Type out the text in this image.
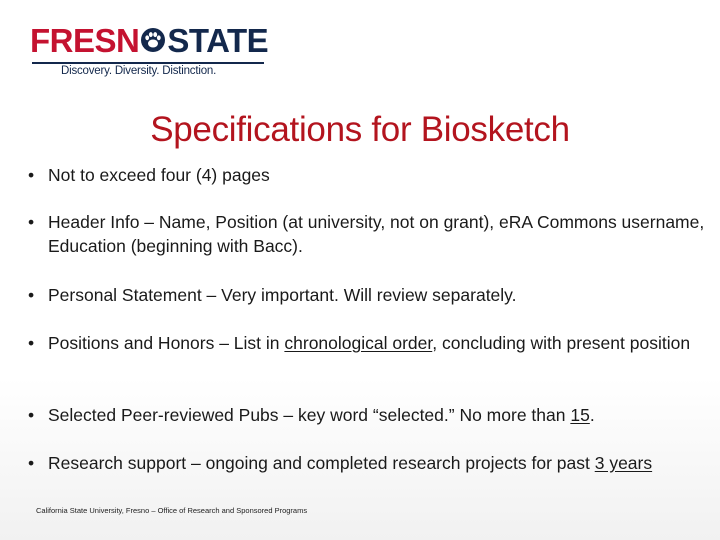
FRESN STATE
Discovery. Diversity. Distinction.
Specifications for Biosketch
• Not to exceed four (4) pages
• Header Info – Name, Position (at university, not on grant), eRA Commons username, Education (beginning with Bacc).
• Personal Statement – Very important. Will review separately.
• Positions and Honors – List in chronological order, concluding with present position
• Selected Peer-reviewed Pubs – key word “selected.” No more than 15.
• Research support – ongoing and completed research projects for past 3 years
California State University, Fresno – Office of Research and Sponsored Programs
